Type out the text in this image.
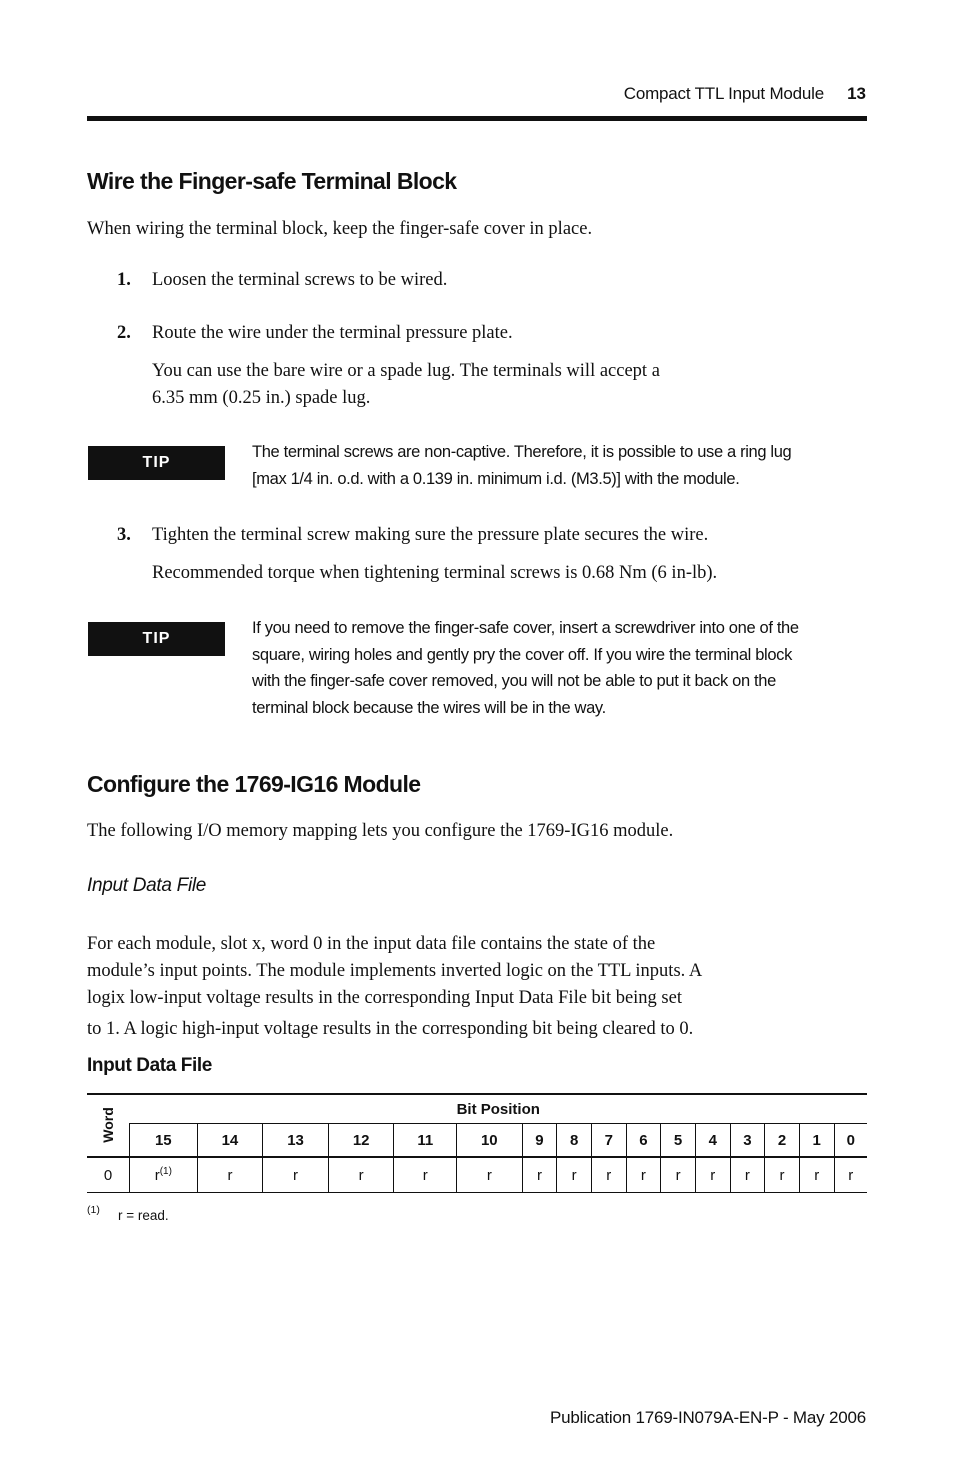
Compact TTL Input Module 13
Wire the Finger-safe Terminal Block

When wiring the terminal block, keep the finger-safe cover in place.

1. Loosen the terminal screws to be wired.
2. Route the wire under the terminal pressure plate.
You can use the bare wire or a spade lug. The terminals will accept a
6.35 mm (0.25 in.) spade lug.
TIP
The terminal screws are non-captive. Therefore, it is possible to use a ring lug
[max 1/4 in. o.d. with a 0.139 in. minimum i.d. (M3.5)] with the module.
3. Tighten the terminal screw making sure the pressure plate secures the wire.
Recommended torque when tightening terminal screws is 0.68 Nm (6 in-lb).
TIP
If you need to remove the finger-safe cover, insert a screwdriver into one of the
square, wiring holes and gently pry the cover off. If you wire the terminal block
with the finger-safe cover removed, you will not be able to put it back on the
terminal block because the wires will be in the way.
Configure the 1769-IG16 Module

The following I/O memory mapping lets you configure the 1769-IG16 module.

Input Data File
For each module, slot x, word 0 in the input data file contains the state of the
module’s input points. The module implements inverted logic on the TTL inputs. A
logix low-input voltage results in the corresponding Input Data File bit being set
to 1. A logic high-input voltage results in the corresponding bit being cleared to 0.
Input Data File
Word	Bit Position															
	15	14	13	12	11	10	9	8	7	6	5	4	3	2	1	0
0	$r^{(1)}$	r	r	r	r	r	r	r	r	r	r	r	r	r	r	r
(1) r = read.
Publication 1769-IN079A-EN-P - May 2006
